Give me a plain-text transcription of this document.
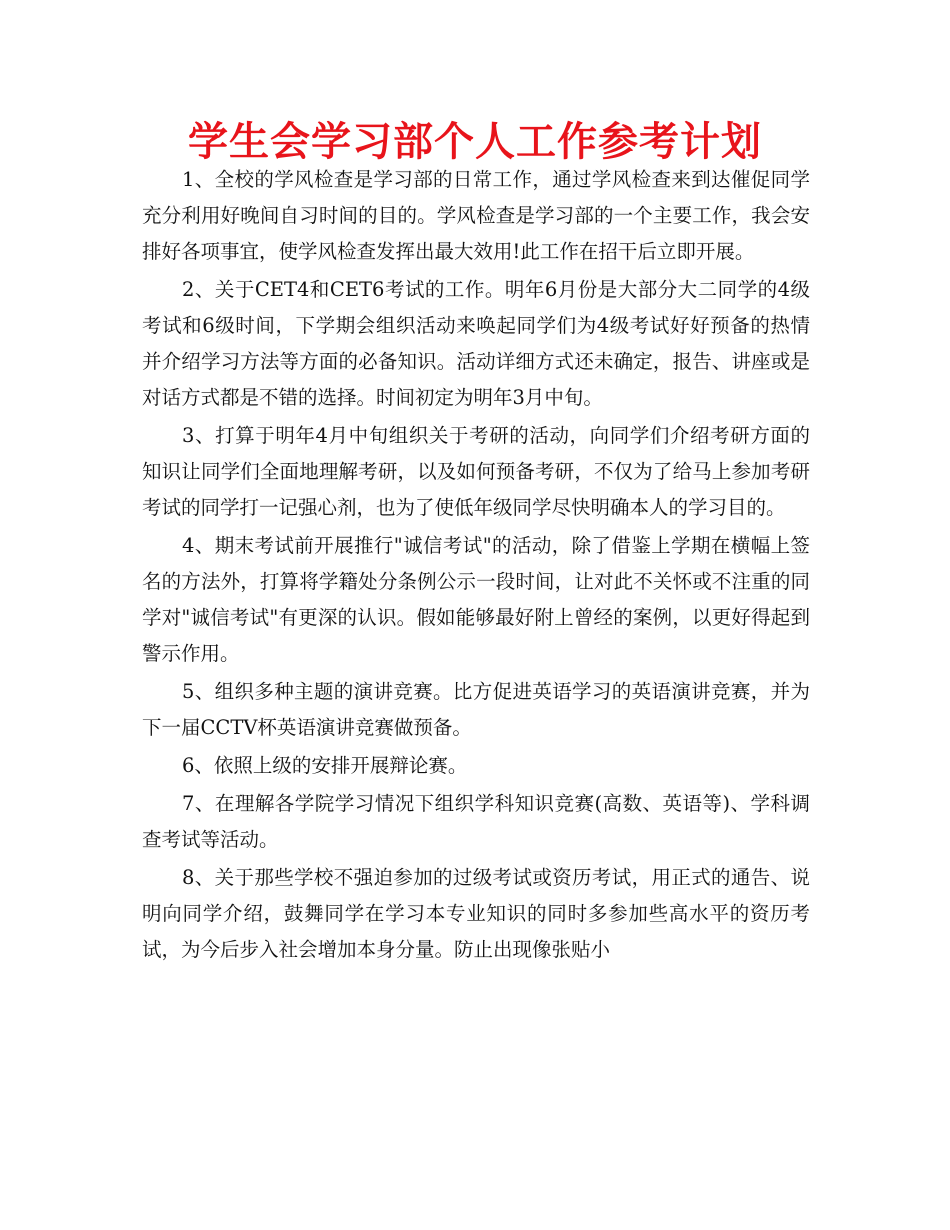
学生会学习部个人工作参考计划

1、全校的学风检查是学习部的日常工作，通过学风检查来到达催促同学充分利用好晚间自习时间的目的。学风检查是学习部的一个主要工作，我会安排好各项事宜，使学风检查发挥出最大效用!此工作在招干后立即开展。

2、关于CET4和CET6考试的工作。明年6月份是大部分大二同学的4级考试和6级时间，下学期会组织活动来唤起同学们为4级考试好好预备的热情并介绍学习方法等方面的必备知识。活动详细方式还未确定，报告、讲座或是对话方式都是不错的选择。时间初定为明年3月中旬。

3、打算于明年4月中旬组织关于考研的活动，向同学们介绍考研方面的知识让同学们全面地理解考研，以及如何预备考研，不仅为了给马上参加考研考试的同学打一记强心剂，也为了使低年级同学尽快明确本人的学习目的。

4、期末考试前开展推行"诚信考试"的活动，除了借鉴上学期在横幅上签名的方法外，打算将学籍处分条例公示一段时间，让对此不关怀或不注重的同学对"诚信考试"有更深的认识。假如能够最好附上曾经的案例，以更好得起到警示作用。

5、组织多种主题的演讲竞赛。比方促进英语学习的英语演讲竞赛，并为下一届CCTV杯英语演讲竞赛做预备。

6、依照上级的安排开展辩论赛。

7、在理解各学院学习情况下组织学科知识竞赛(高数、英语等)、学科调查考试等活动。

8、关于那些学校不强迫参加的过级考试或资历考试，用正式的通告、说明向同学介绍，鼓舞同学在学习本专业知识的同时多参加些高水平的资历考试，为今后步入社会增加本身分量。防止出现像张贴小
